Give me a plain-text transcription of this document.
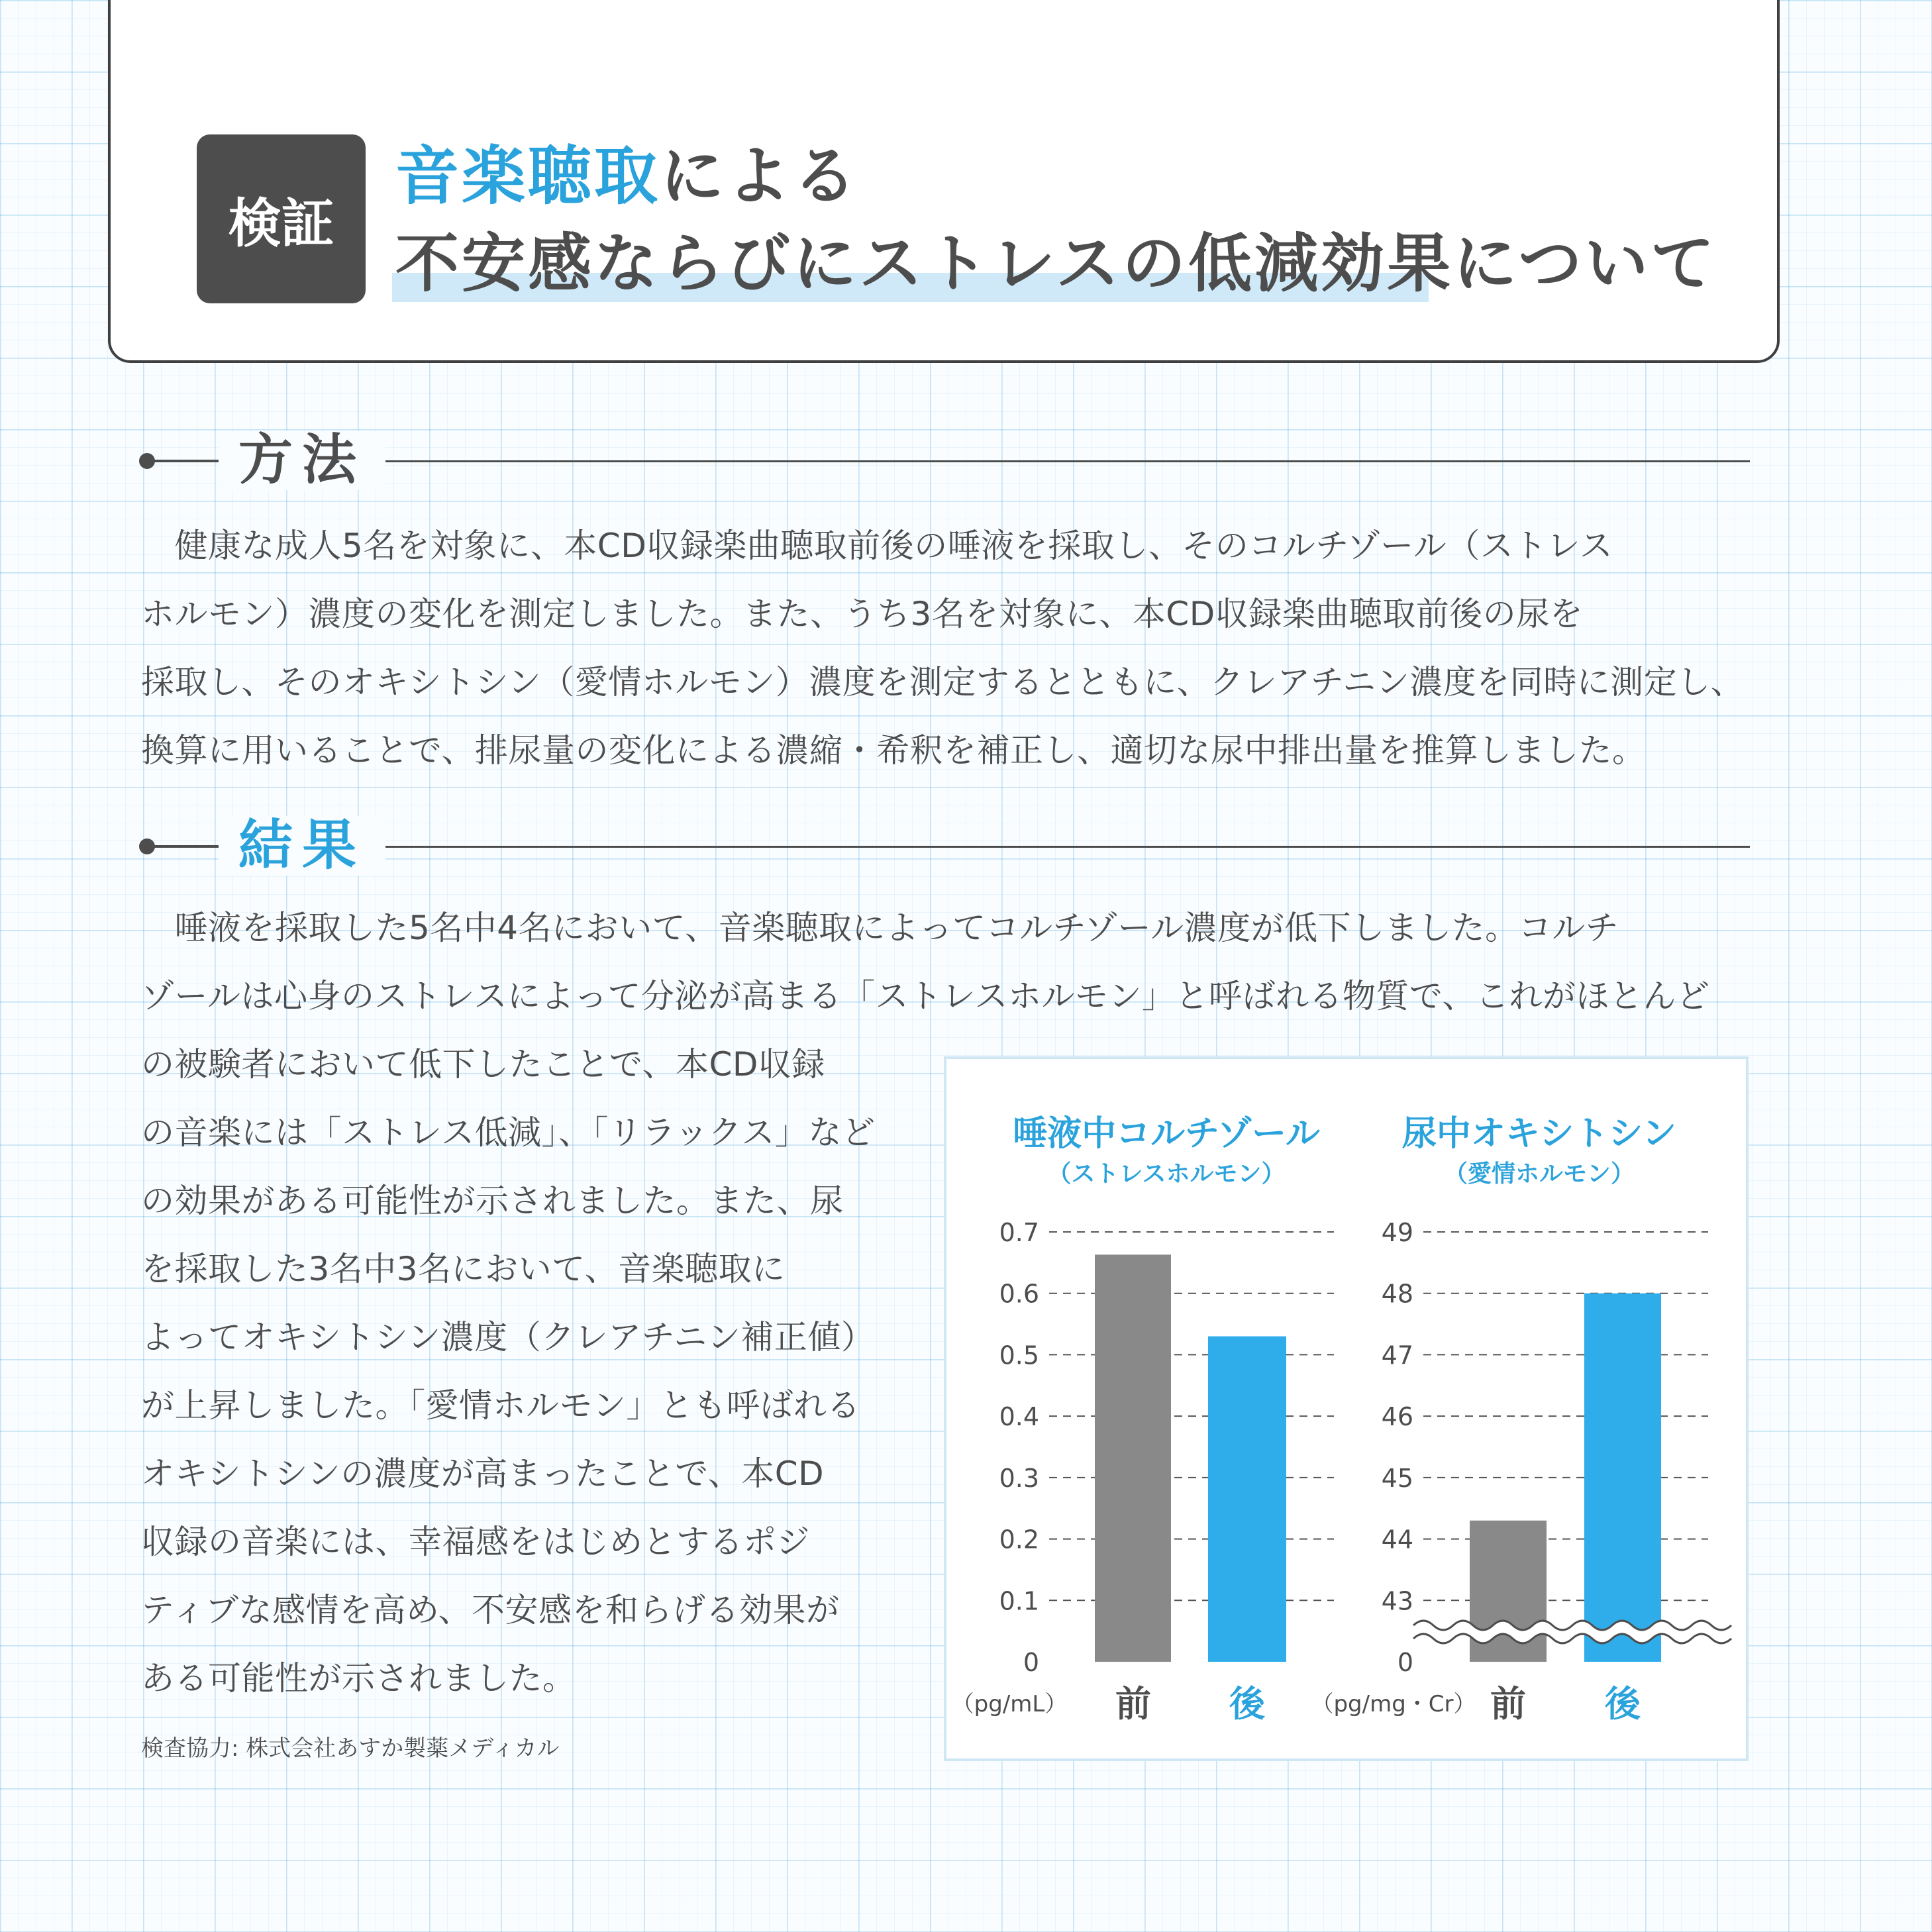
検証
音楽聴取による
不安感ならびにストレスの低減効果について
方法
　健康な成人5名を対象に、本CD収録楽曲聴取前後の唾液を採取し、そのコルチゾール（ストレス
ホルモン）濃度の変化を測定しました。また、うち3名を対象に、本CD収録楽曲聴取前後の尿を
採取し、そのオキシトシン（愛情ホルモン）濃度を測定するとともに、クレアチニン濃度を同時に測定し、
換算に用いることで、排尿量の変化による濃縮・希釈を補正し、適切な尿中排出量を推算しました。
結果
　唾液を採取した5名中4名において、音楽聴取によってコルチゾール濃度が低下しました。コルチ
ゾールは心身のストレスによって分泌が高まる「ストレスホルモン」と呼ばれる物質で、これがほとんど
の被験者において低下したことで、本CD収録
の音楽には「ストレス低減」、「リラックス」など
の効果がある可能性が示されました。また、尿
を採取した3名中3名において、音楽聴取に
よってオキシトシン濃度（クレアチニン補正値）
が上昇しました。「愛情ホルモン」とも呼ばれる
オキシトシンの濃度が高まったことで、本CD
収録の音楽には、幸福感をはじめとするポジ
ティブな感情を高め、不安感を和らげる効果が
ある可能性が示されました。
検査協力: 株式会社あすか製薬メディカル
唾液中コルチゾール
（ストレスホルモン）
尿中オキシトシン
（愛情ホルモン）
0
0.1
0.2
0.3
0.4
0.5
0.6
0.7
（pg/mL） 前 後
0
43
44
45
46
47
48
49
（pg/mg・Cr） 前 後
